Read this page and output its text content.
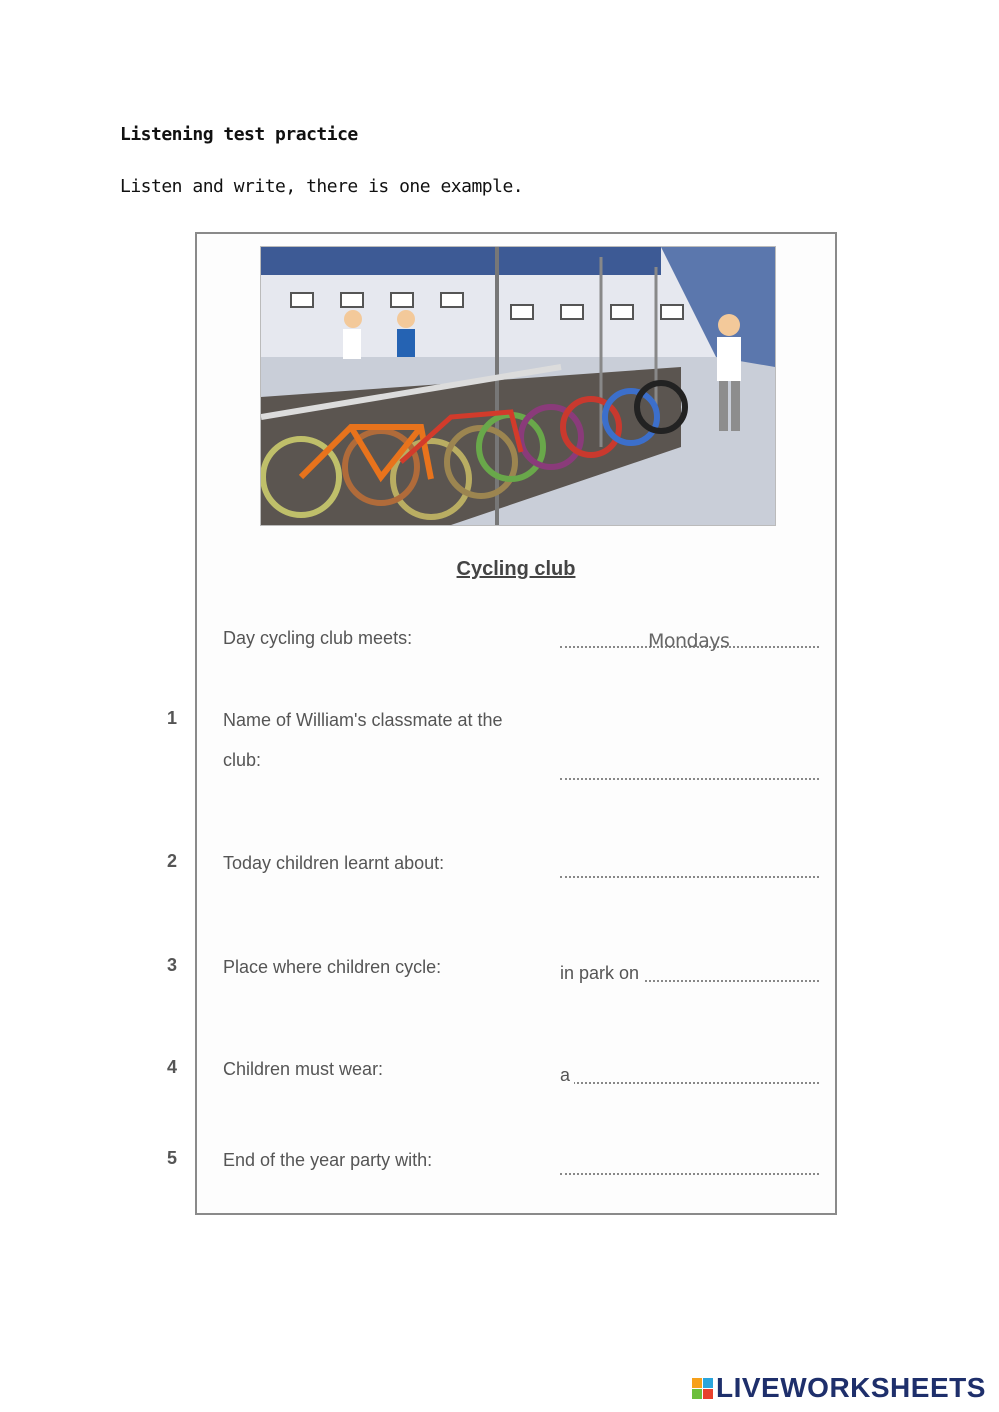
Listening test practice
Listen and write, there is one example.
Cycling club
Day cycling club meets:	Mondays
1	Name of William's classmate at the club:
2	Today children learnt about:
3	Place where children cycle:	in park on
4	Children must wear:	a
5	End of the year party with:
LIVEWORKSHEETS
